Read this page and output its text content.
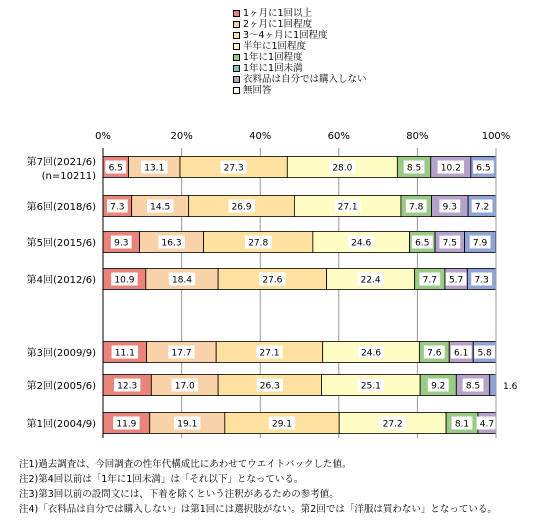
0%	20%	40%	60%	80%	100%
6.5 13.1	27.3	28.0	8.5 10.2 6.5
第7回(2021/6)
(n=10211)
7.3	14.5	26.9	27.1	7.8 9.3 7.2
第6回(2018/6)
9.3	16.3	27.8	24.6	6.5 7.5 7.9
第5回(2015/6)
10.9	18.4	27.6	22.4	7.7 5.7 7.3
第4回(2012/6)
11.1	17.7	27.1	24.6	7.6 6.1 5.8
第3回(2009/9)
12.3	17.0	26.3	25.1	9.2 8.5
第2回(2005/6)
11.9	19.1	29.1	27.2	8.1 4.7
第1回(2004/9)
1.6
1ヶ月に1回以上
2ヶ月に1回程度
3～4ヶ月に1回程度
半年に1回程度
1年に1回程度
1年に1回未満
衣料品は自分では購入しない
無回答
注1)過去調査は、今回調査の性年代構成比にあわせてウエイトバックした値。
注2)第4回以前は「1年に1回未満」は「それ以下」となっている。
注3)第3回以前の設問文には、下着を除くという注釈があるための参考値。
注4)「衣料品は自分では購入しない」は第1回には選択肢がない。第2回では「洋服は買わない」となっている。
